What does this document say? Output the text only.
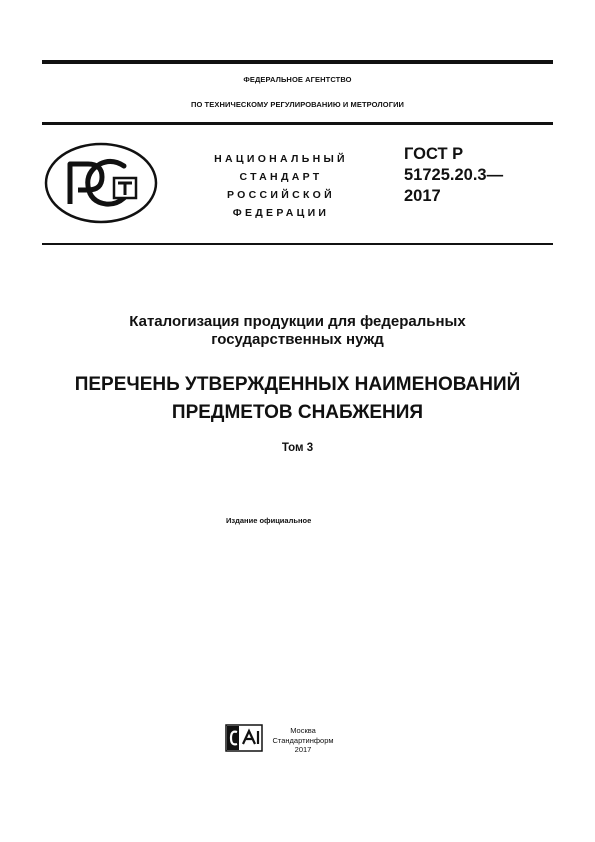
ФЕДЕРАЛЬНОЕ АГЕНТСТВО
ПО ТЕХНИЧЕСКОМУ РЕГУЛИРОВАНИЮ И МЕТРОЛОГИИ
НАЦИОНАЛЬНЫЙ
СТАНДАРТ
РОССИЙСКОЙ
ФЕДЕРАЦИИ
ГОСТ Р
51725.20.3—
2017
Каталогизация продукции для федеральных
государственных нужд
ПЕРЕЧЕНЬ УТВЕРЖДЕННЫХ НАИМЕНОВАНИЙ
ПРЕДМЕТОВ СНАБЖЕНИЯ
Том 3
Издание официальное
Москва
Стандартинформ
2017
